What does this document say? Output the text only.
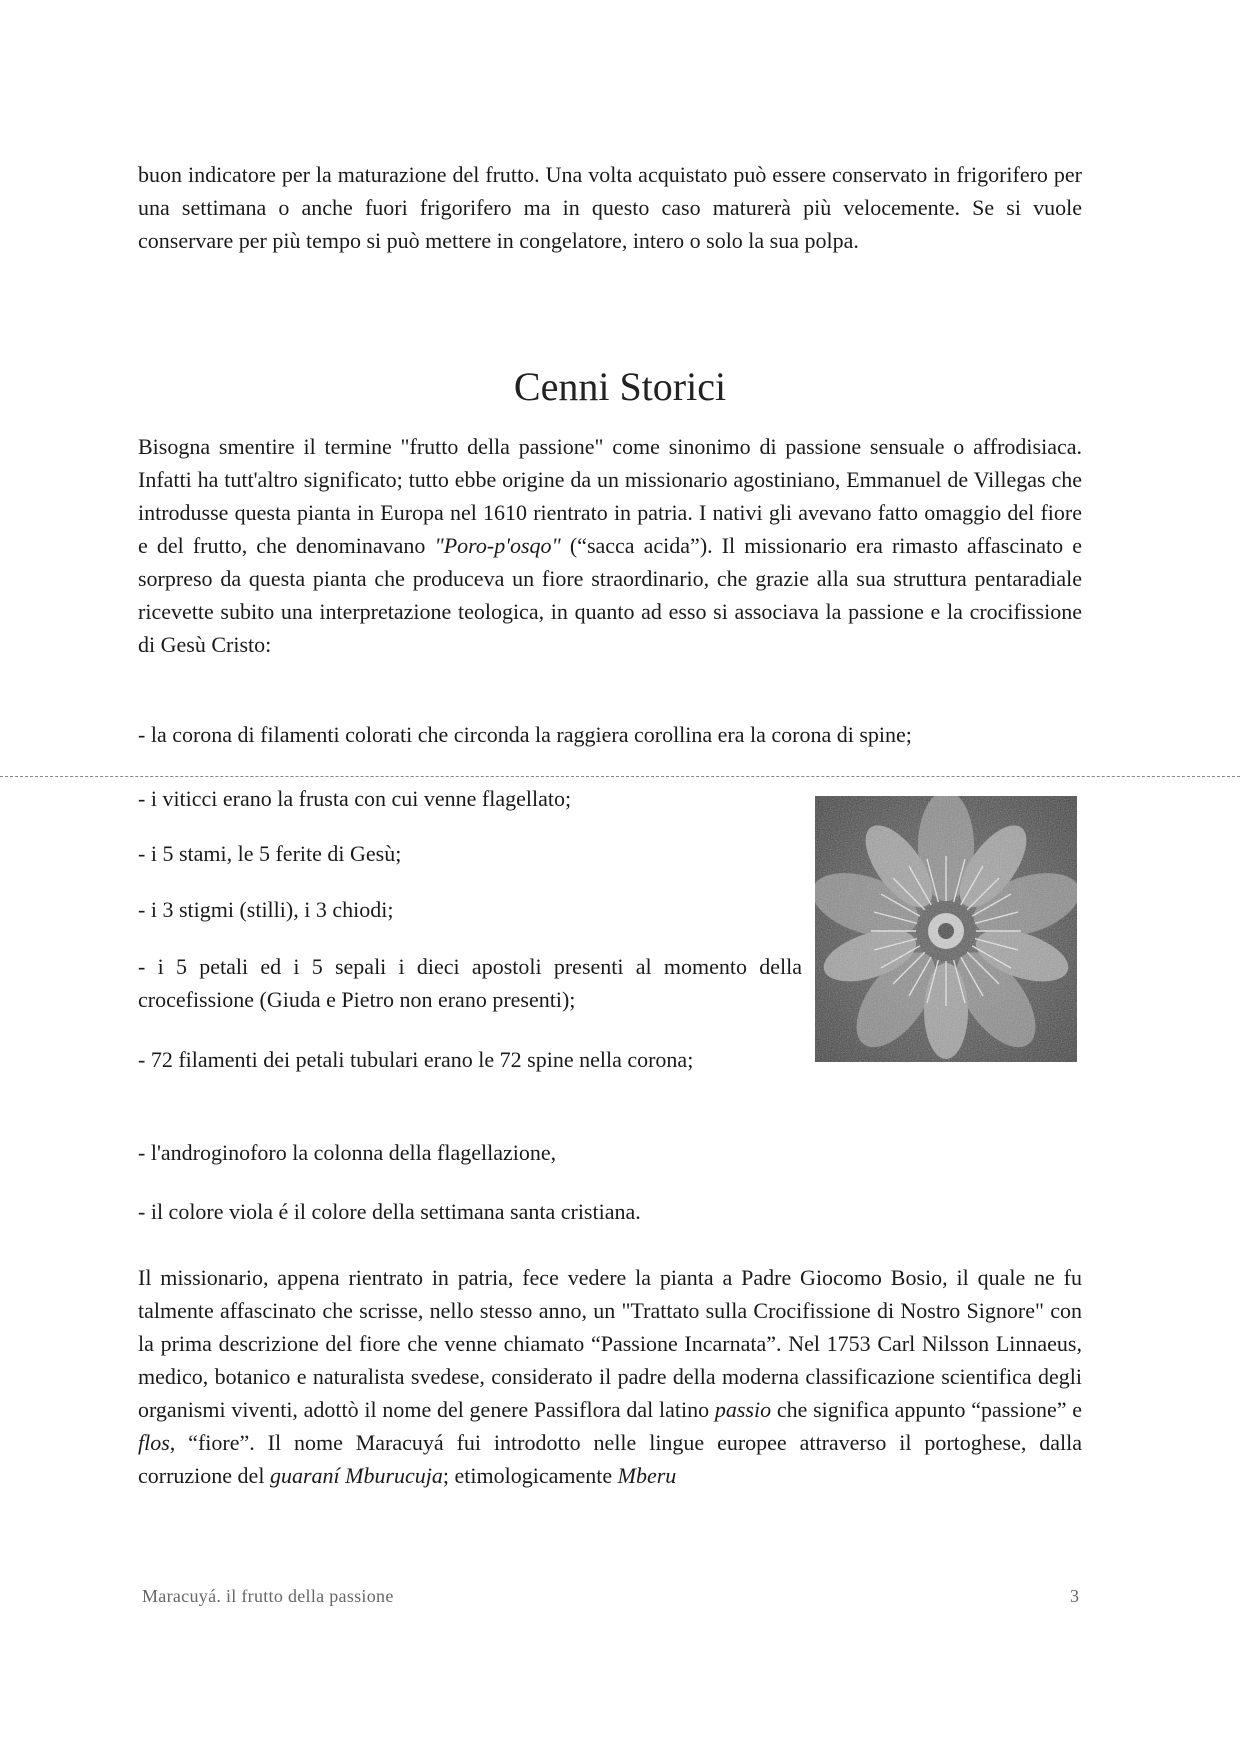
buon indicatore per la maturazione del frutto. Una volta acquistato può essere conservato in frigorifero per una settimana o anche fuori frigorifero ma in questo caso maturerà più velocemente. Se si vuole conservare per più tempo si può mettere in congelatore, intero o solo la sua polpa.
Cenni Storici
Bisogna smentire il termine "frutto della passione" come sinonimo di passione sensuale o affrodisiaca. Infatti ha tutt'altro significato; tutto ebbe origine da un missionario agostiniano, Emmanuel de Villegas che introdusse questa pianta in Europa nel 1610 rientrato in patria. I nativi gli avevano fatto omaggio del fiore e del frutto, che denominavano "Poro-p'osqo" (“sacca acida”). Il missionario era rimasto affascinato e sorpreso da questa pianta che produceva un fiore straordinario, che grazie alla sua struttura pentaradiale ricevette subito una interpretazione teologica, in quanto ad esso si associava la passione e la crocifissione di Gesù Cristo:
- la corona di filamenti colorati che circonda la raggiera corollina era la corona di spine;
- i viticci erano la frusta con cui venne flagellato;
- i 5 stami, le 5 ferite di Gesù;
- i 3 stigmi (stilli), i 3 chiodi;
- i 5 petali ed i 5 sepali i dieci apostoli presenti al momento della crocefissione (Giuda e Pietro non erano presenti);
- 72 filamenti dei petali tubulari erano le 72 spine nella corona;
- l'androginoforo la colonna della flagellazione,
- il colore viola é il colore della settimana santa cristiana.
Il missionario, appena rientrato in patria, fece vedere la pianta a Padre Giocomo Bosio, il quale ne fu talmente affascinato che scrisse, nello stesso anno, un "Trattato sulla Crocifissione di Nostro Signore" con la prima descrizione del fiore che venne chiamato “Passione Incarnata”. Nel 1753 Carl Nilsson Linnaeus, medico, botanico e naturalista svedese, considerato il padre della moderna classificazione scientifica degli organismi viventi, adottò il nome del genere Passiflora dal latino passio che significa appunto “passione” e flos, “fiore”. Il nome Maracuyá fui introdotto nelle lingue europee attraverso il portoghese, dalla corruzione del guaraní Mburucuja; etimologicamente Mberu
Maracuyá. il frutto della passione	3
